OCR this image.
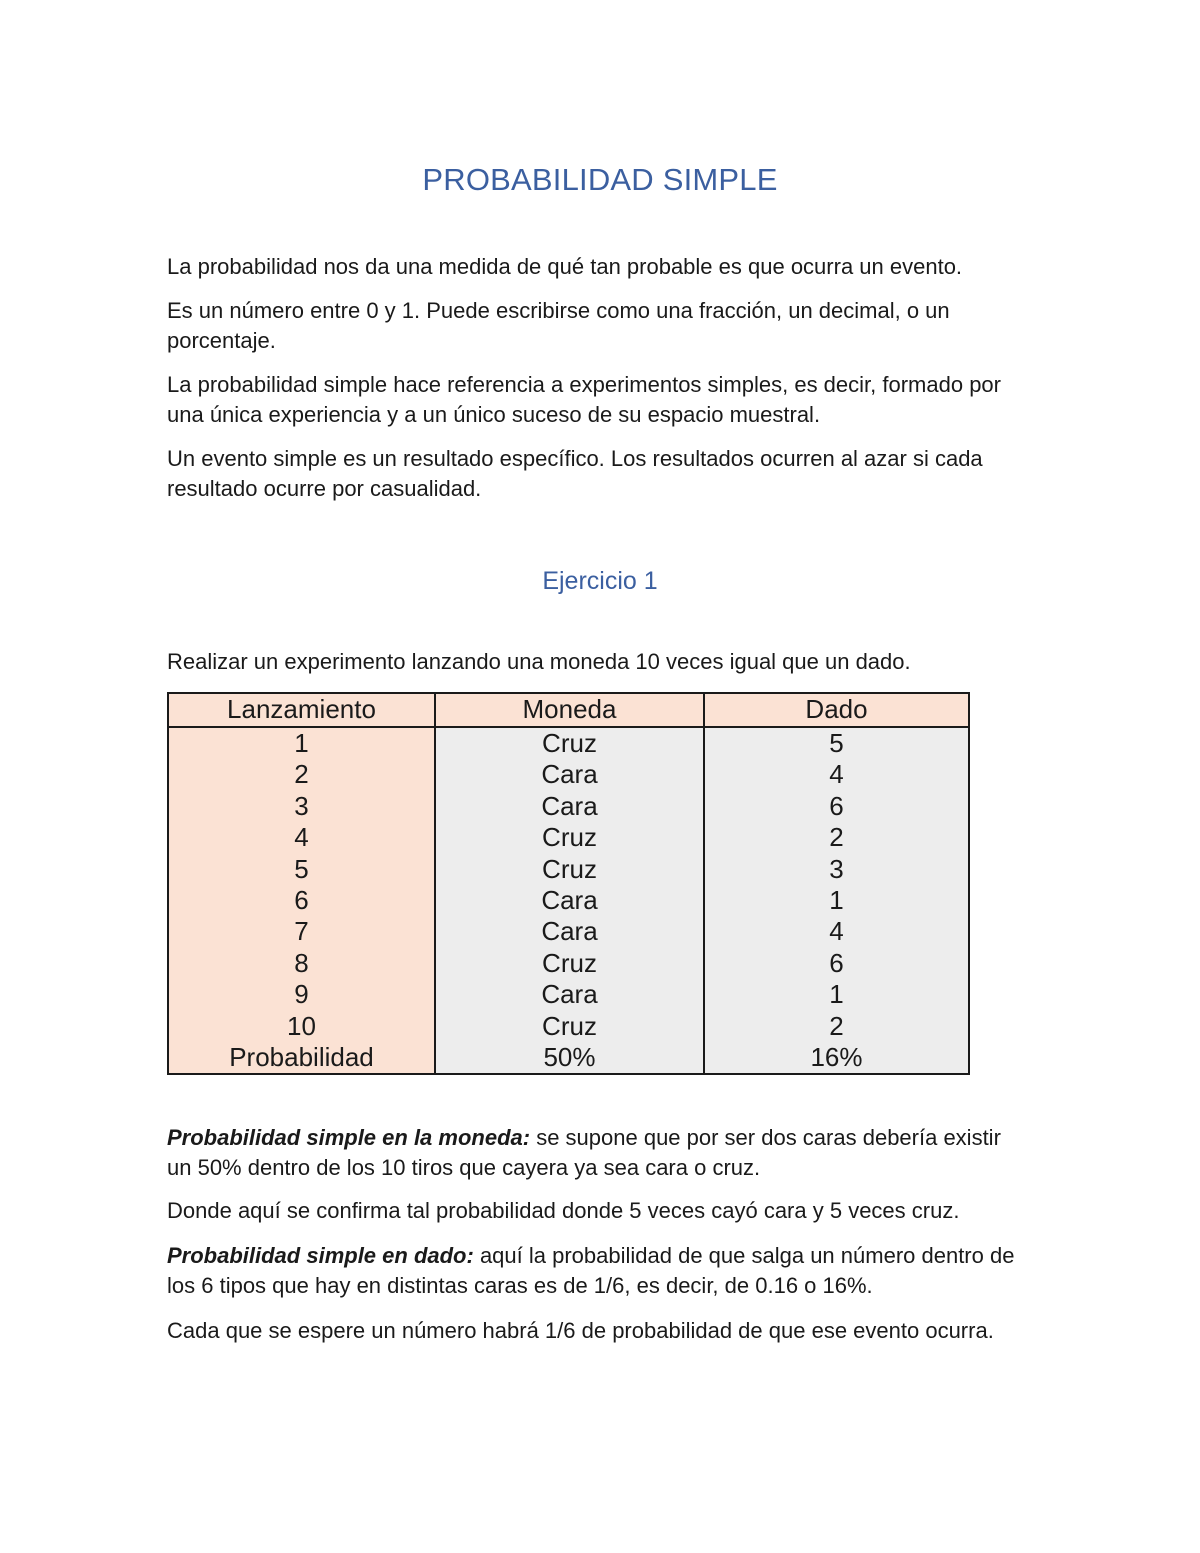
PROBABILIDAD SIMPLE

La probabilidad nos da una medida de qué tan probable es que ocurra un evento.

Es un número entre 0 y 1. Puede escribirse como una fracción, un decimal, o un porcentaje.

La probabilidad simple hace referencia a experimentos simples, es decir, formado por una única experiencia y a un único suceso de su espacio muestral.

Un evento simple es un resultado específico. Los resultados ocurren al azar si cada resultado ocurre por casualidad.

Ejercicio 1

Realizar un experimento lanzando una moneda 10 veces igual que un dado.

Lanzamiento	Moneda	Dado
1	Cruz	5
2	Cara	4
3	Cara	6
4	Cruz	2
5	Cruz	3
6	Cara	1
7	Cara	4
8	Cruz	6
9	Cara	1
10	Cruz	2
Probabilidad	50%	16%

Probabilidad simple en la moneda: se supone que por ser dos caras debería existir un 50% dentro de los 10 tiros que cayera ya sea cara o cruz.

Donde aquí se confirma tal probabilidad donde 5 veces cayó cara y 5 veces cruz.

Probabilidad simple en dado: aquí la probabilidad de que salga un número dentro de los 6 tipos que hay en distintas caras es de 1/6, es decir, de 0.16 o 16%.

Cada que se espere un número habrá 1/6 de probabilidad de que ese evento ocurra.
